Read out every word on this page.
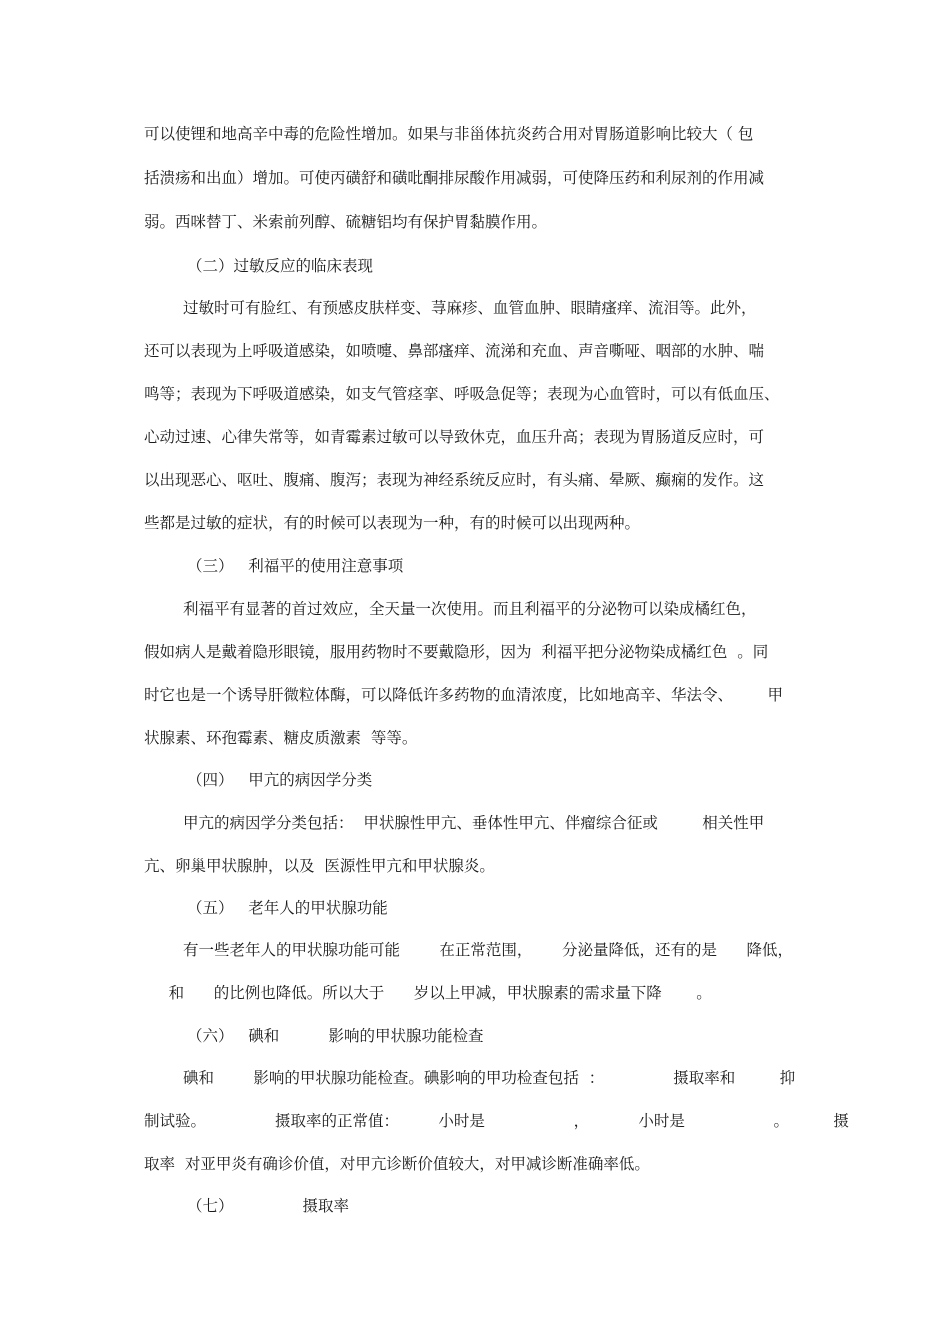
可以使锂和地高辛中毒的危险性增加。如果与非甾体抗炎药合用对胃肠道影响比较大（ 包
括溃疡和出血）增加。可使丙磺舒和磺吡酮排尿酸作用减弱，可使降压药和利尿剂的作用减
弱。西咪替丁、米索前列醇、硫糖铝均有保护胃黏膜作用。
（二）过敏反应的临床表现
过敏时可有脸红、有预感皮肤样变、荨麻疹、血管血肿、眼睛瘙痒、流泪等。此外，
还可以表现为上呼吸道感染，如喷嚏、鼻部瘙痒、流涕和充血、声音嘶哑、咽部的水肿、喘
鸣等；表现为下呼吸道感染，如支气管痉挛、呼吸急促等；表现为心血管时，可以有低血压、
心动过速、心律失常等，如青霉素过敏可以导致休克，血压升高；表现为胃肠道反应时，可
以出现恶心、呕吐、腹痛、腹泻；表现为神经系统反应时，有头痛、晕厥、癫痫的发作。这
些都是过敏的症状，有的时候可以表现为一种，有的时候可以出现两种。
（三）   利福平的使用注意事项
利福平有显著的首过效应，全天量一次使用。而且利福平的分泌物可以染成橘红色，
假如病人是戴着隐形眼镜，服用药物时不要戴隐形，因为  利福平把分泌物染成橘红色  。同
时它也是一个诱导肝微粒体酶，可以降低许多药物的血清浓度，比如地高辛、华法令、       甲
状腺素、环孢霉素、糖皮质激素  等等。
（四）   甲亢的病因学分类
甲亢的病因学分类包括：  甲状腺性甲亢、垂体性甲亢、伴瘤综合征或         相关性甲
亢、卵巢甲状腺肿，以及  医源性甲亢和甲状腺炎。
（五）   老年人的甲状腺功能
有一些老年人的甲状腺功能可能        在正常范围，      分泌量降低，还有的是      降低，
和      的比例也降低。所以大于      岁以上甲减，甲状腺素的需求量下降       。
（六）   碘和          影响的甲状腺功能检查
碘和        影响的甲状腺功能检查。碘影响的甲功检查包括  ：              摄取率和         抑
制试验。              摄取率的正常值：        小时是                  ，          小时是                  。         摄
取率  对亚甲炎有确诊价值，对甲亢诊断价值较大，对甲减诊断准确率低。
（七）              摄取率
